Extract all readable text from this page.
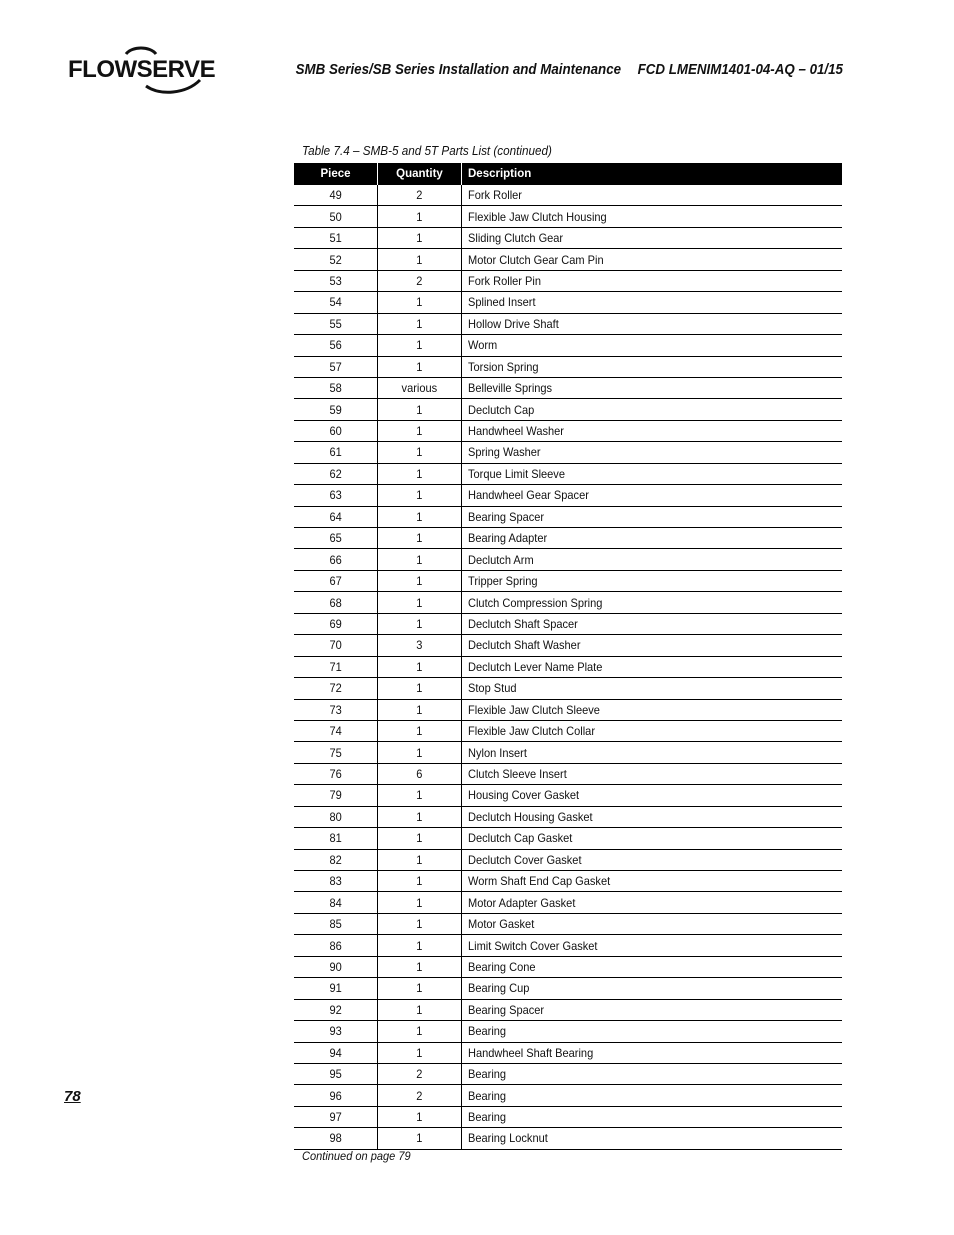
FLOWSERVE	SMB Series/SB Series Installation and Maintenance FCD LMENIM1401-04-AQ – 01/15
Table 7.4 – SMB-5 and 5T Parts List (continued)
Piece	Quantity	Description
49	2	Fork Roller
50	1	Flexible Jaw Clutch Housing
51	1	Sliding Clutch Gear
52	1	Motor Clutch Gear Cam Pin
53	2	Fork Roller Pin
54	1	Splined Insert
55	1	Hollow Drive Shaft
56	1	Worm
57	1	Torsion Spring
58	various	Belleville Springs
59	1	Declutch Cap
60	1	Handwheel Washer
61	1	Spring Washer
62	1	Torque Limit Sleeve
63	1	Handwheel Gear Spacer
64	1	Bearing Spacer
65	1	Bearing Adapter
66	1	Declutch Arm
67	1	Tripper Spring
68	1	Clutch Compression Spring
69	1	Declutch Shaft Spacer
70	3	Declutch Shaft Washer
71	1	Declutch Lever Name Plate
72	1	Stop Stud
73	1	Flexible Jaw Clutch Sleeve
74	1	Flexible Jaw Clutch Collar
75	1	Nylon Insert
76	6	Clutch Sleeve Insert
79	1	Housing Cover Gasket
80	1	Declutch Housing Gasket
81	1	Declutch Cap Gasket
82	1	Declutch Cover Gasket
83	1	Worm Shaft End Cap Gasket
84	1	Motor Adapter Gasket
85	1	Motor Gasket
86	1	Limit Switch Cover Gasket
90	1	Bearing Cone
91	1	Bearing Cup
92	1	Bearing Spacer
93	1	Bearing
94	1	Handwheel Shaft Bearing
95	2	Bearing
96	2	Bearing
97	1	Bearing
98	1	Bearing Locknut
Continued on page 79
78
